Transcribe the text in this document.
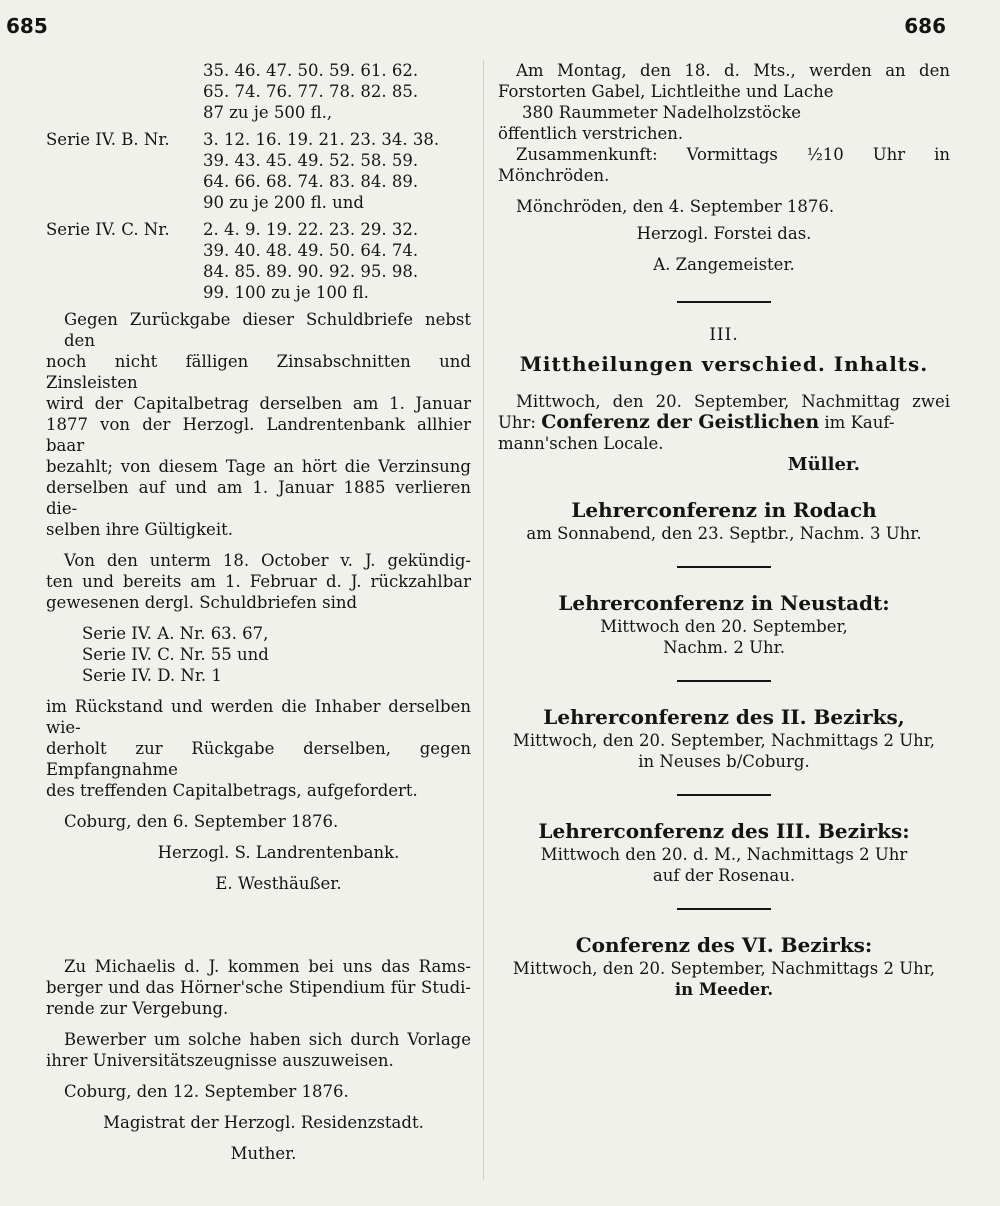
685	686
35. 46. 47. 50. 59. 61. 62.
65. 74. 76. 77. 78. 82. 85.
87 zu je 500 fl.,
Serie IV. B. Nr.	3. 12. 16. 19. 21. 23. 34. 38.
39. 43. 45. 49. 52. 58. 59.
64. 66. 68. 74. 83. 84. 89.
90 zu je 200 fl. und
Serie IV. C. Nr.	2. 4. 9. 19. 22. 23. 29. 32.
39. 40. 48. 49. 50. 64. 74.
84. 85. 89. 90. 92. 95. 98.
99. 100 zu je 100 fl.
Gegen Zurückgabe dieser Schuldbriefe nebst den
noch nicht fälligen Zinsabschnitten und Zinsleisten
wird der Capitalbetrag derselben am 1. Januar
1877 von der Herzogl. Landrentenbank allhier baar
bezahlt; von diesem Tage an hört die Verzinsung
derselben auf und am 1. Januar 1885 verlieren die-
selben ihre Gültigkeit.
Von den unterm 18. October v. J. gekündig-
ten und bereits am 1. Februar d. J. rückzahlbar
gewesenen dergl. Schuldbriefen sind
Serie IV. A. Nr. 63. 67,
Serie IV. C. Nr. 55 und
Serie IV. D. Nr. 1
im Rückstand und werden die Inhaber derselben wie-
derholt zur Rückgabe derselben, gegen Empfangnahme
des treffenden Capitalbetrags, aufgefordert.
Coburg, den 6. September 1876.
Herzogl. S. Landrentenbank.
E. Westhäußer.
Zu Michaelis d. J. kommen bei uns das Rams-
berger und das Hörner'sche Stipendium für Studi-
rende zur Vergebung.
Bewerber um solche haben sich durch Vorlage
ihrer Universitätszeugnisse auszuweisen.
Coburg, den 12. September 1876.
Magistrat der Herzogl. Residenzstadt.
Muther.
Am Montag, den 18. d. Mts., werden an den
Forstorten Gabel, Lichtleithe und Lache
380 Raummeter Nadelholzstöcke
öffentlich verstrichen.
Zusammenkunft: Vormittags ½10 Uhr in
Mönchröden.
Mönchröden, den 4. September 1876.
Herzogl. Forstei das.
A. Zangemeister.
III.
Mittheilungen verschied. Inhalts.
Mittwoch, den 20. September, Nachmittag zwei
Uhr: Conferenz der Geistlichen im Kauf-
mann'schen Locale.
Müller.
Lehrerconferenz in Rodach
am Sonnabend, den 23. Septbr., Nachm. 3 Uhr.
Lehrerconferenz in Neustadt:
Mittwoch den 20. September,
Nachm. 2 Uhr.
Lehrerconferenz des II. Bezirks,
Mittwoch, den 20. September, Nachmittags 2 Uhr,
in Neuses b/Coburg.
Lehrerconferenz des III. Bezirks:
Mittwoch den 20. d. M., Nachmittags 2 Uhr
auf der Rosenau.
Conferenz des VI. Bezirks:
Mittwoch, den 20. September, Nachmittags 2 Uhr,
in Meeder.
